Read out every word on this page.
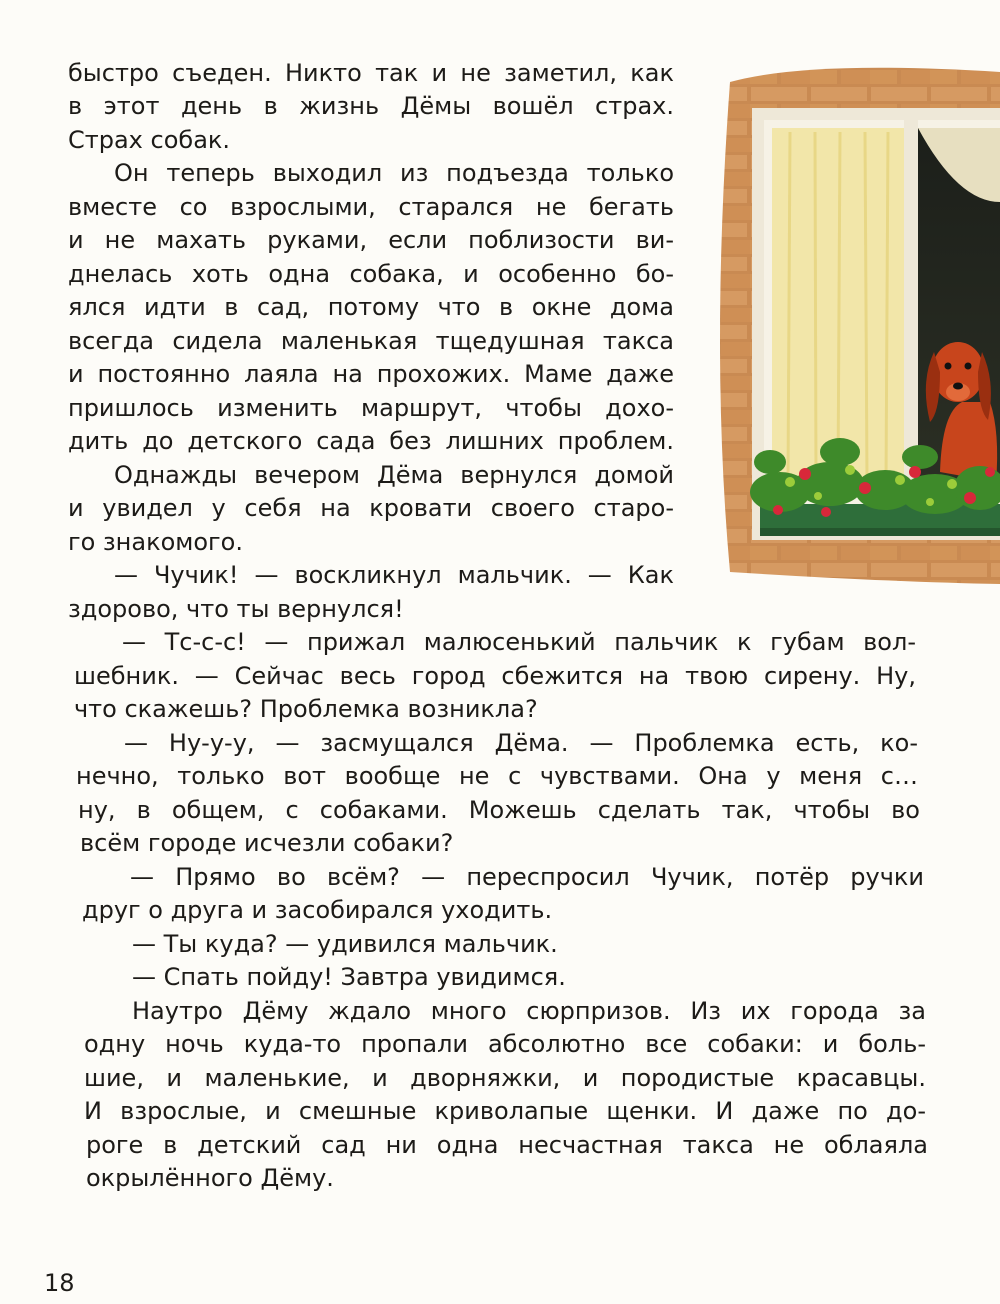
быстро съеден. Никто так и не заметил, как
в этот день в жизнь Дёмы вошёл страх.
Страх собак.
Он теперь выходил из подъезда только
вместе со взрослыми, старался не бегать
и не махать руками, если поблизости ви-
днелась хоть одна собака, и особенно бо-
ялся идти в сад, потому что в окне дома
всегда сидела маленькая тщедушная такса
и постоянно лаяла на прохожих. Маме даже
пришлось изменить маршрут, чтобы дохо-
дить до детского сада без лишних проблем.
Однажды вечером Дёма вернулся домой
и увидел у себя на кровати своего старо-
го знакомого.
— Чучик! — воскликнул мальчик. — Как
здорово, что ты вернулся!
— Тс-с-с! — прижал малюсенький пальчик к губам вол-
шебник. — Сейчас весь город сбежится на твою сирену. Ну,
что скажешь? Проблемка возникла?
— Ну-у-у, — засмущался Дёма. — Проблемка есть, ко-
нечно, только вот вообще не с чувствами. Она у меня с…
ну, в общем, с собаками. Можешь сделать так, чтобы во
всём городе исчезли собаки?
— Прямо во всём? — переспросил Чучик, потёр ручки
друг о друга и засобирался уходить.
— Ты куда? — удивился мальчик.
— Спать пойду! Завтра увидимся.
Наутро Дёму ждало много сюрпризов. Из их города за
одну ночь куда-то пропали абсолютно все собаки: и боль-
шие, и маленькие, и дворняжки, и породистые красавцы.
И взрослые, и смешные криволапые щенки. И даже по до-
роге в детский сад ни одна несчастная такса не облаяла
окрылённого Дёму.
18
